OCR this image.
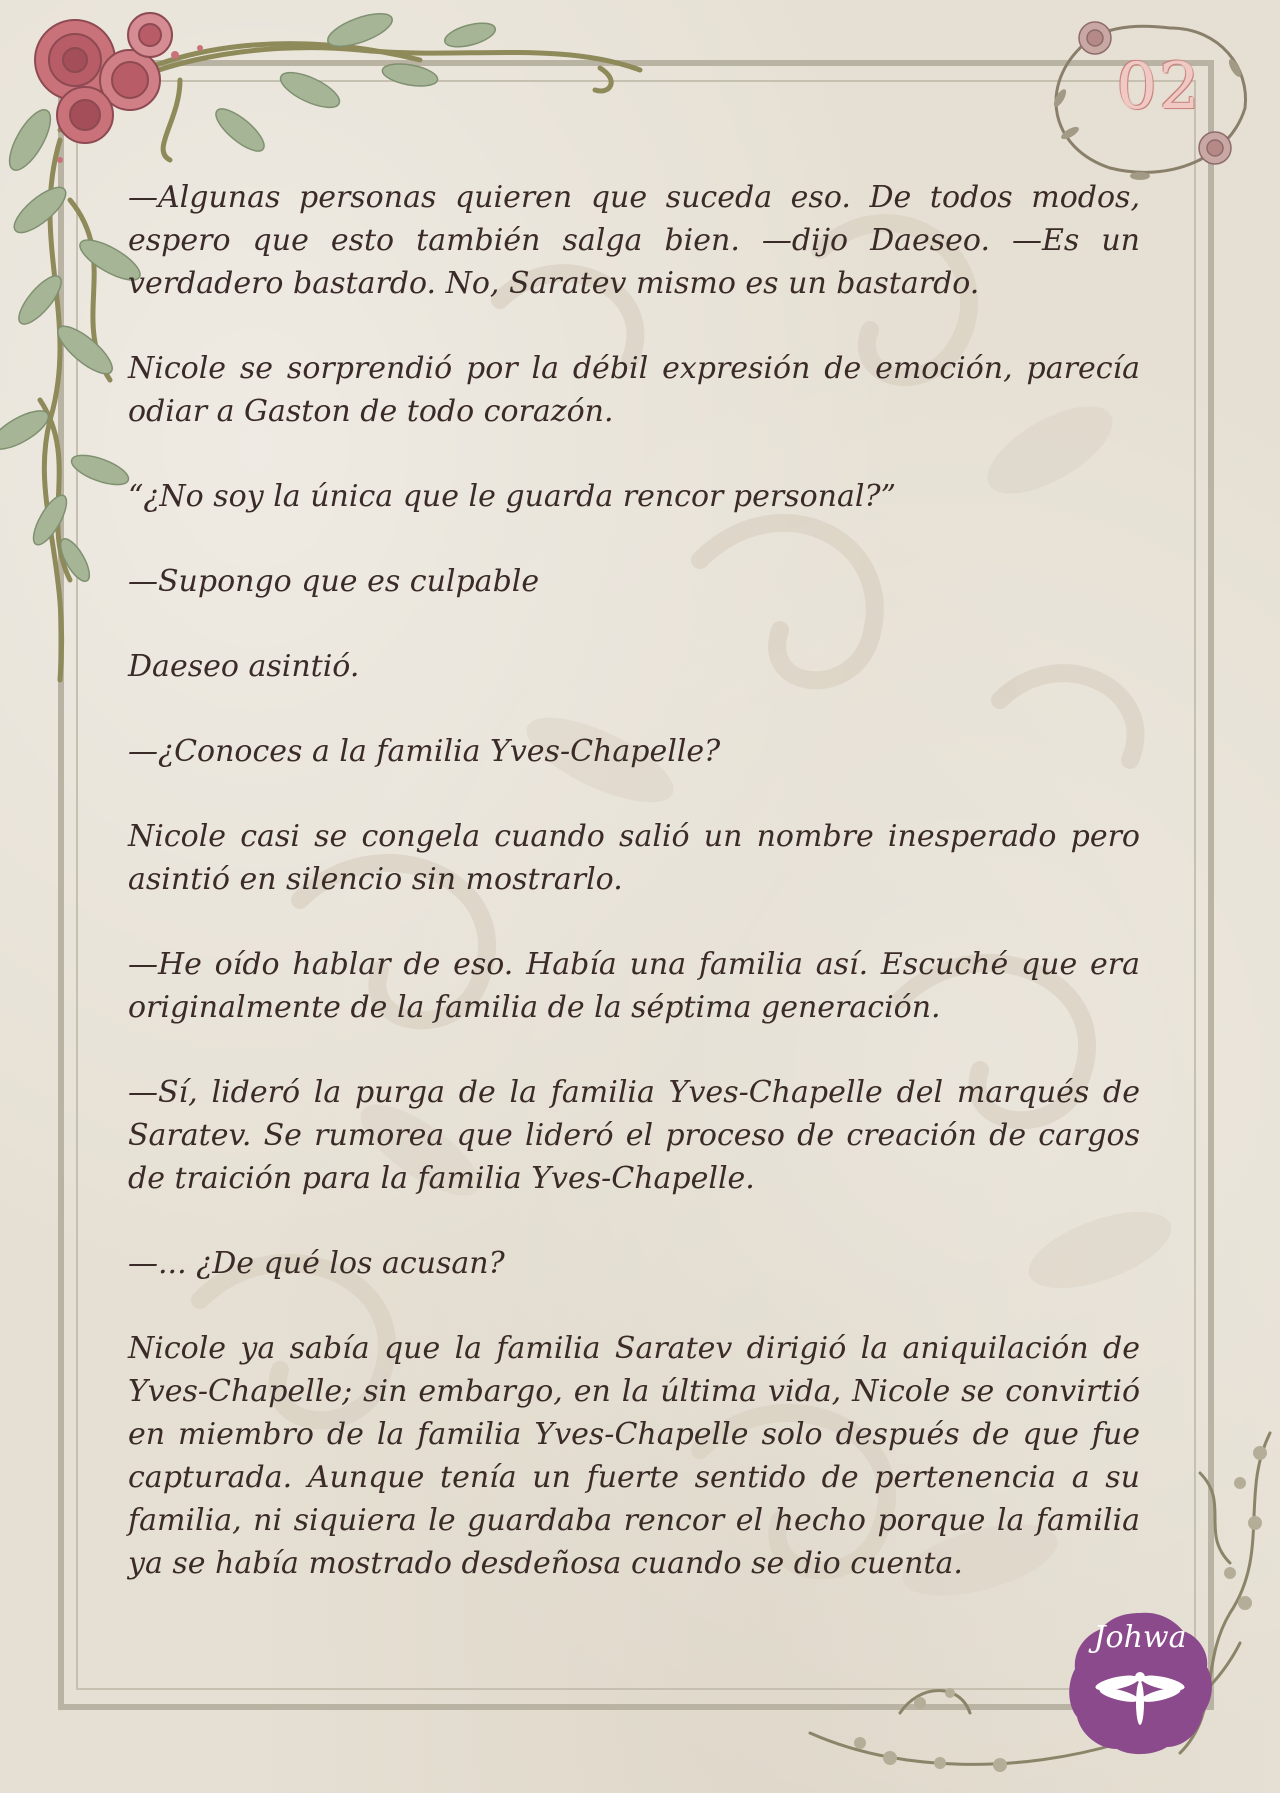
02
Johwa

—Algunas personas quieren que suceda eso. De todos modos, espero que esto también salga bien. —dijo Daeseo. —Es un verdadero bastardo. No, Saratev mismo es un bastardo.

Nicole se sorprendió por la débil expresión de emoción, parecía odiar a Gaston de todo corazón.

“¿No soy la única que le guarda rencor personal?”

—Supongo que es culpable

Daeseo asintió.

—¿Conoces a la familia Yves-Chapelle?

Nicole casi se congela cuando salió un nombre inesperado pero asintió en silencio sin mostrarlo.

—He oído hablar de eso. Había una familia así. Escuché que era originalmente de la familia de la séptima generación.

—Sí, lideró la purga de la familia Yves-Chapelle del marqués de Saratev. Se rumorea que lideró el proceso de creación de cargos de traición para la familia Yves-Chapelle.

—... ¿De qué los acusan?

Nicole ya sabía que la familia Saratev dirigió la aniquilación de Yves-Chapelle; sin embargo, en la última vida, Nicole se convirtió en miembro de la familia Yves-Chapelle solo después de que fue capturada. Aunque tenía un fuerte sentido de pertenencia a su familia, ni siquiera le guardaba rencor el hecho porque la familia ya se había mostrado desdeñosa cuando se dio cuenta.
